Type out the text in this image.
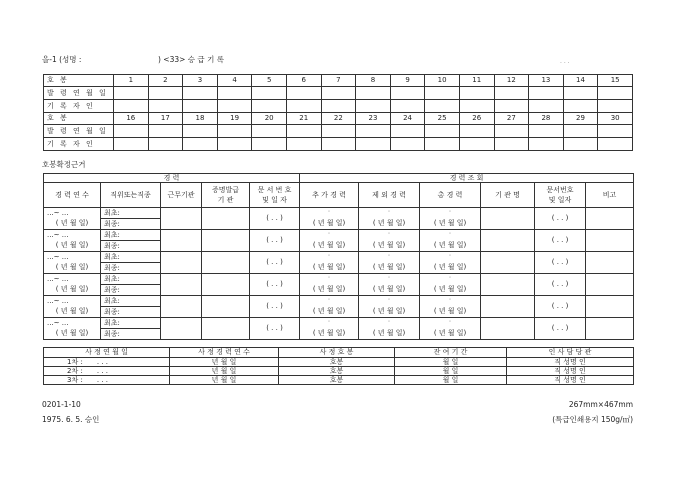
을-1 (성명 :	) <33> 승 급 기 록	· · ·
호 봉	1	2	3	4	5	6	7	8	9	10	11	12	13	14	15
발 령 연 월 일															
기 록 자 인															
호 봉	16	17	18	19	20	21	22	23	24	25	26	27	28	29	30
발 령 연 월 일															
기 록 자 인															
호봉확정근거
경 력					경 력 조 회					
경 력 연 수	직위또는직종	근무기관	증명발급
기 관	문 서 번 호
및 일 자	추 가 경 력	제 외 경 력	총 경 력	기 관 명	문서번호
및 일자	비고
...~ ...	최초:			( . . )	˘	˘	˘		( . . )	
( 년 월 일)	최종:				( 년 월 일)	( 년 월 일)	( 년 월 일)			
...~ ...	최초:			( . . )	˘	˘	˘		( . . )	
( 년 월 일)	최종:				( 년 월 일)	( 년 월 일)	( 년 월 일)			
...~ ...	최초:			( . . )	˘	˘	˘		( . . )	
( 년 월 일)	최종:				( 년 월 일)	( 년 월 일)	( 년 월 일)			
...~ ...	최초:			( . . )	˘	˘	˘		( . . )	
( 년 월 일)	최종:				( 년 월 일)	( 년 월 일)	( 년 월 일)			
...~ ...	최초:			( . . )	˘	˘	˘		( . . )	
( 년 월 일)	최종:				( 년 월 일)	( 년 월 일)	( 년 월 일)			
...~ ...	최초:			( . . )	˘	˘	˘		( . . )	
( 년 월 일)	최종:				( 년 월 일)	( 년 월 일)	( 년 월 일)			
사 정 연 월 일	사 정 경 력 연 수	사 정 호 봉	잔 여 기 간	인 사 담 당 관
1차 : . . .	년 월 일	호봉	월 일	직 성명 인
2차 : . . .	년 월 일	호봉	월 일	직 성명 인
3차 : . . .	년 월 일	호봉	월 일	직 성명 인
0201-1-10
1975. 6. 5. 승인
267mm×467mm
(특급인쇄용지 150g/㎡)
